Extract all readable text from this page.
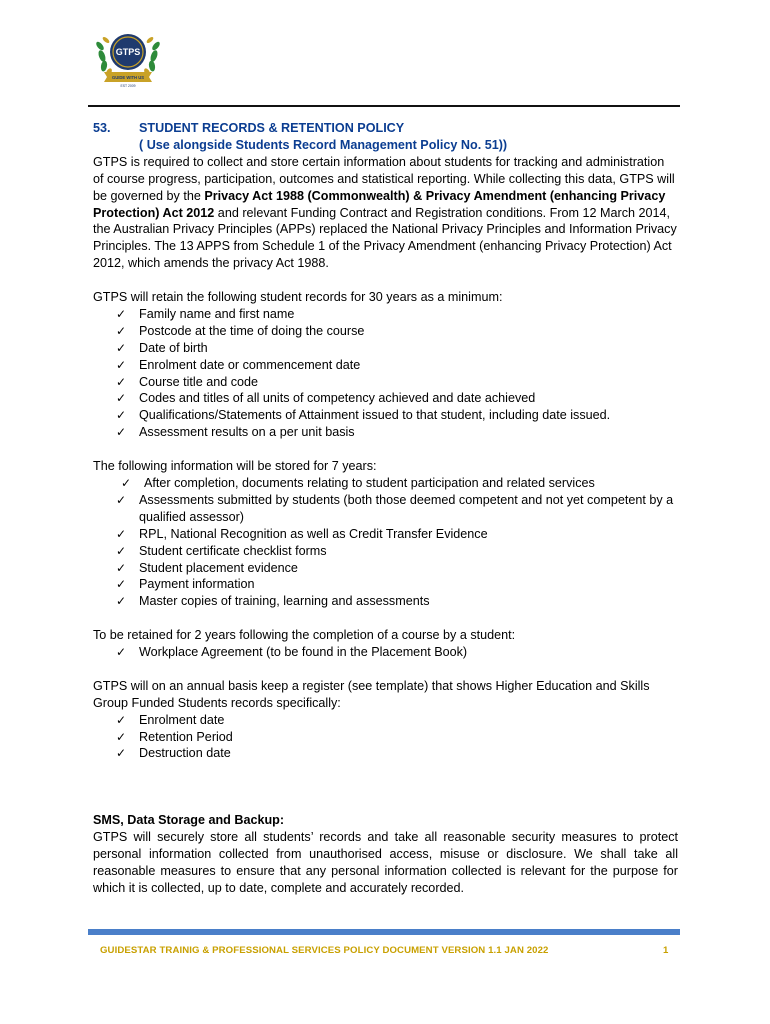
GTPS
GUIDE WITH US
EST 2009
53.	STUDENT RECORDS & RETENTION POLICY
( Use alongside Students Record Management Policy No. 51))

GTPS is required to collect and store certain information about students for tracking and administration of course progress, participation, outcomes and statistical reporting. While collecting this data, GTPS will be governed by the Privacy Act 1988 (Commonwealth) & Privacy Amendment (enhancing Privacy Protection) Act 2012 and relevant Funding Contract and Registration conditions. From 12 March 2014, the Australian Privacy Principles (APPs) replaced the National Privacy Principles and Information Privacy Principles. The 13 APPS from Schedule 1 of the Privacy Amendment (enhancing Privacy Protection) Act 2012, which amends the privacy Act 1988.

GTPS will retain the following student records for 30 years as a minimum:

✓ Family name and first name
✓ Postcode at the time of doing the course
✓ Date of birth
✓ Enrolment date or commencement date
✓ Course title and code
✓ Codes and titles of all units of competency achieved and date achieved
✓ Qualifications/Statements of Attainment issued to that student, including date issued.
✓ Assessment results on a per unit basis

The following information will be stored for 7 years:

✓ After completion, documents relating to student participation and related services
✓ Assessments submitted by students (both those deemed competent and not yet competent by a qualified assessor)
✓ RPL, National Recognition as well as Credit Transfer Evidence
✓ Student certificate checklist forms
✓ Student placement evidence
✓ Payment information
✓ Master copies of training, learning and assessments

To be retained for 2 years following the completion of a course by a student:

✓ Workplace Agreement (to be found in the Placement Book)

GTPS will on an annual basis keep a register (see template) that shows Higher Education and Skills Group Funded Students records specifically:

✓ Enrolment date
✓ Retention Period
✓ Destruction date

SMS, Data Storage and Backup:

GTPS will securely store all students’ records and take all reasonable security measures to protect personal information collected from unauthorised access, misuse or disclosure. We shall take all reasonable measures to ensure that any personal information collected is relevant for the purpose for which it is collected, up to date, complete and accurately recorded.

GUIDESTAR TRAINIG & PROFESSIONAL SERVICES POLICY DOCUMENT VERSION 1.1 JAN 2022	1
